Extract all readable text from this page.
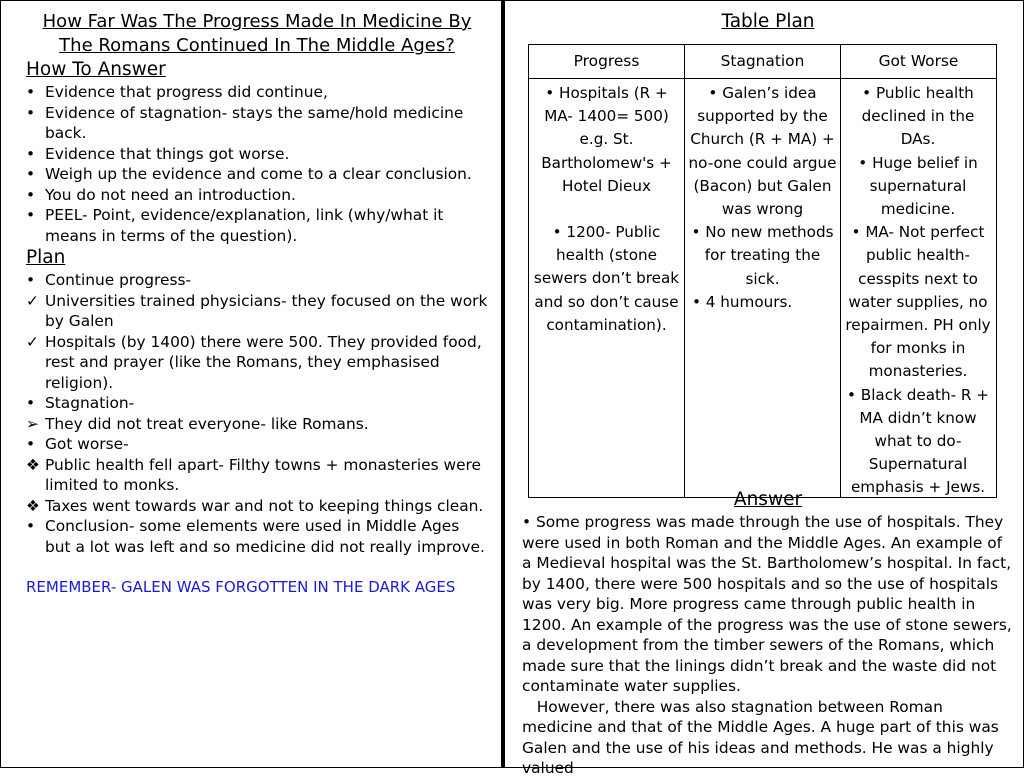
How Far Was The Progress Made In Medicine By The Romans Continued In The Middle Ages?
How To Answer
• Evidence that progress did continue,
• Evidence of stagnation- stays the same/hold medicine back.
• Evidence that things got worse.
• Weigh up the evidence and come to a clear conclusion.
• You do not need an introduction.
• PEEL- Point, evidence/explanation, link (why/what it means in terms of the question).
Plan
• Continue progress-
✓ Universities trained physicians- they focused on the work by Galen
✓ Hospitals (by 1400) there were 500. They provided food, rest and prayer (like the Romans, they emphasised religion).
• Stagnation-
➢ They did not treat everyone- like Romans.
• Got worse-
❖ Public health fell apart- Filthy towns + monasteries were limited to monks.
❖ Taxes went towards war and not to keeping things clean.
• Conclusion- some elements were used in Middle Ages but a lot was left and so medicine did not really improve.
REMEMBER- GALEN WAS FORGOTTEN IN THE DARK AGES
Table Plan
Progress	Stagnation	Got Worse
• Hospitals (R + MA- 1400= 500) e.g. St. Bartholomew's + Hotel Dieux
• 1200- Public health (stone sewers don’t break and so don’t cause contamination).
• Galen’s idea supported by the Church (R + MA) + no-one could argue (Bacon) but Galen was wrong
• No new methods for treating the sick.
• 4 humours.
• Public health declined in the DAs.
• Huge belief in supernatural medicine.
• MA- Not perfect public health- cesspits next to water supplies, no repairmen. PH only for monks in monasteries.
• Black death- R + MA didn’t know what to do- Supernatural emphasis + Jews.
Answer

• Some progress was made through the use of hospitals. They were used in both Roman and the Middle Ages. An example of a Medieval hospital was the St. Bartholomew’s hospital. In fact, by 1400, there were 500 hospitals and so the use of hospitals was very big. More progress came through public health in 1200. An example of the progress was the use of stone sewers, a development from the timber sewers of the Romans, which made sure that the linings didn’t break and the waste did not contaminate water supplies.

However, there was also stagnation between Roman medicine and that of the Middle Ages. A huge part of this was Galen and the use of his ideas and methods. He was a highly valued
